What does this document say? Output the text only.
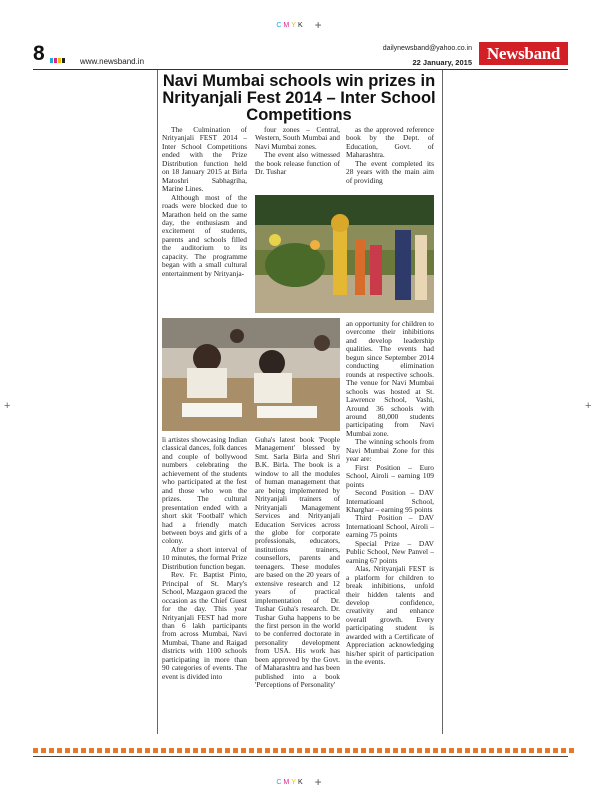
CMYK +
CMYK +
8	www.newsband.in
dailynewsband@yahoo.co.in
22 January, 2015 Newsband
Navi Mumbai schools win prizes in Nrityanjali Fest 2014 – Inter School Competitions

The Culmination of Nrityanjali FEST 2014 – Inter School Competitions ended with the Prize Distribution function held on 18 January 2015 at Birla Matoshri Sabhagriha, Marine Lines.

Although most of the roads were blocked due to Marathon held on the same day, the enthusiasm and excitement of students, parents and schools filled the auditorium to its capacity. The programme began with a small cultural entertainment by Nrityanja-

four zones – Central, Western, South Mumbai and Navi Mumbai zones.

The event also witnessed the book release function of Dr. Tushar

as the approved reference book by the Dept. of Education, Govt. of Maharashtra.

The event completed its 28 years with the main aim of providing

an opportunity for children to overcome their inhibitions and develop leadership qualities. The events had begun since September 2014 conducting elimination rounds at respective schools. The venue for Navi Mumbai schools was hosted at St. Lawrence School, Vashi, Around 36 schools with around 80,000 students participating from Navi Mumbai zone.

The winning schools from Navi Mumbai Zone for this year are:

First Position – Euro School, Airoli – earning 109 points

Second Position – DAV Internatioanl School, Kharghar – earning 95 points

Third Position – DAV Internatioanl School, Airoli – earning 75 points

Special Prize – DAV Public School, New Panvel – earning 67 points

Alas, Nrityanjali FEST is a platform for children to break inhibitions, unfold their hidden talents and develop confidence, creativity and enhance overall growth. Every participating student is awarded with a Certificate of Appreciation acknowledging his/her spirit of participation in the events.

li artistes showcasing Indian classical dances, folk dances and couple of bollywood numbers celebrating the achievement of the students who participated at the fest and those who won the prizes. The cultural presentation ended with a short skit 'Football' which had a friendly match between boys and girls of a colony.

After a short interval of 10 minutes, the formal Prize Distribution function began.

Rev. Fr. Baptist Pinto, Principal of St. Mary's School, Mazgaon graced the occasion as the Chief Guest for the day. This year Nrityanjali FEST had more than 6 lakh participants from across Mumbai, Navi Mumbai, Thane and Raigad districts with 1100 schools participating in more than 90 categories of events. The event is divided into

Guha's latest book 'People Management' blessed by Smt. Sarla Birla and Shri B.K. Birla. The book is a window to all the modules of human management that are being implemented by Nrityanjali trainers of Nrityanjali Management Services and Nrityanjali Education Services across the globe for corporate professionals, educators, institutions trainers, counsellors, parents and teenagers. These modules are based on the 20 years of extensive research and 12 years of practical implementation of Dr. Tushar Guha's research. Dr. Tushar Guha happens to be the first person in the world to be conferred doctorate in personality development from USA. His work has been approved by the Govt. of Maharashtra and has been published into a book 'Perceptions of Personality'

+	+
